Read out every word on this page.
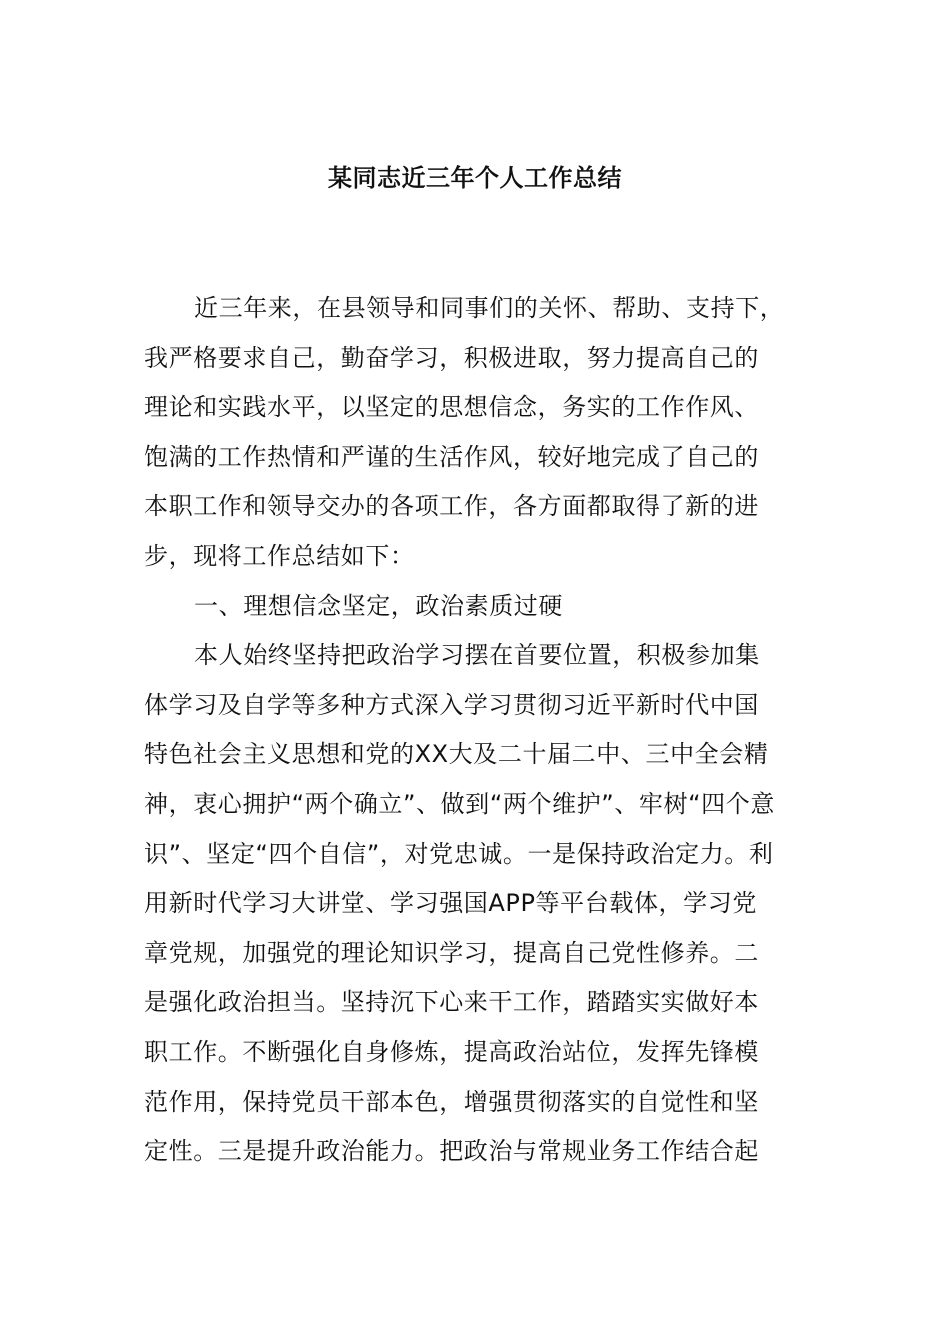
某同志近三年个人工作总结
近三年来，在县领导和同事们的关怀、帮助、支持下，
我严格要求自己，勤奋学习，积极进取，努力提高自己的
理论和实践水平，以坚定的思想信念，务实的工作作风、
饱满的工作热情和严谨的生活作风，较好地完成了自己的
本职工作和领导交办的各项工作，各方面都取得了新的进
步，现将工作总结如下：
一、理想信念坚定，政治素质过硬
本人始终坚持把政治学习摆在首要位置，积极参加集
体学习及自学等多种方式深入学习贯彻习近平新时代中国
特色社会主义思想和党的XX大及二十届二中、三中全会精
神，衷心拥护“两个确立”、做到“两个维护”、牢树“四个意
识”、坚定“四个自信”，对党忠诚。一是保持政治定力。利
用新时代学习大讲堂、学习强国APP等平台载体，学习党
章党规，加强党的理论知识学习，提高自己党性修养。二
是强化政治担当。坚持沉下心来干工作，踏踏实实做好本
职工作。不断强化自身修炼，提高政治站位，发挥先锋模
范作用，保持党员干部本色，增强贯彻落实的自觉性和坚
定性。三是提升政治能力。把政治与常规业务工作结合起
